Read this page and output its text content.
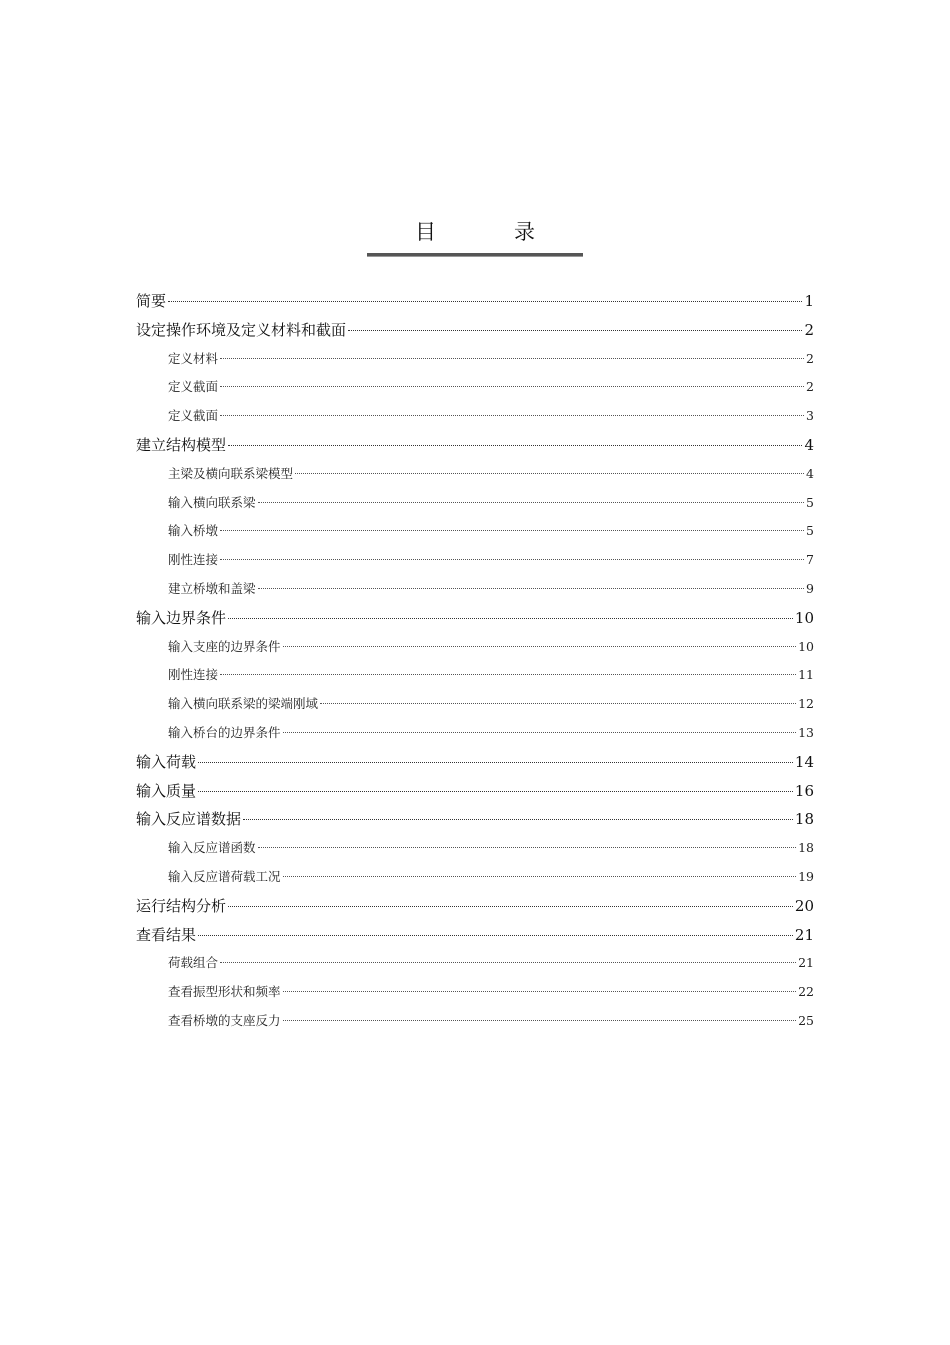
目	录
简要	1
设定操作环境及定义材料和截面	2
定义材料	2
定义截面	2
定义截面	3
建立结构模型	4
主梁及横向联系梁模型	4
输入横向联系梁	5
输入桥墩	5
刚性连接	7
建立桥墩和盖梁	9
输入边界条件	10
输入支座的边界条件	10
刚性连接	11
输入横向联系梁的梁端刚域	12
输入桥台的边界条件	13
输入荷载	14
输入质量	16
输入反应谱数据	18
输入反应谱函数	18
输入反应谱荷载工况	19
运行结构分析	20
查看结果	21
荷载组合	21
查看振型形状和频率	22
查看桥墩的支座反力	25
